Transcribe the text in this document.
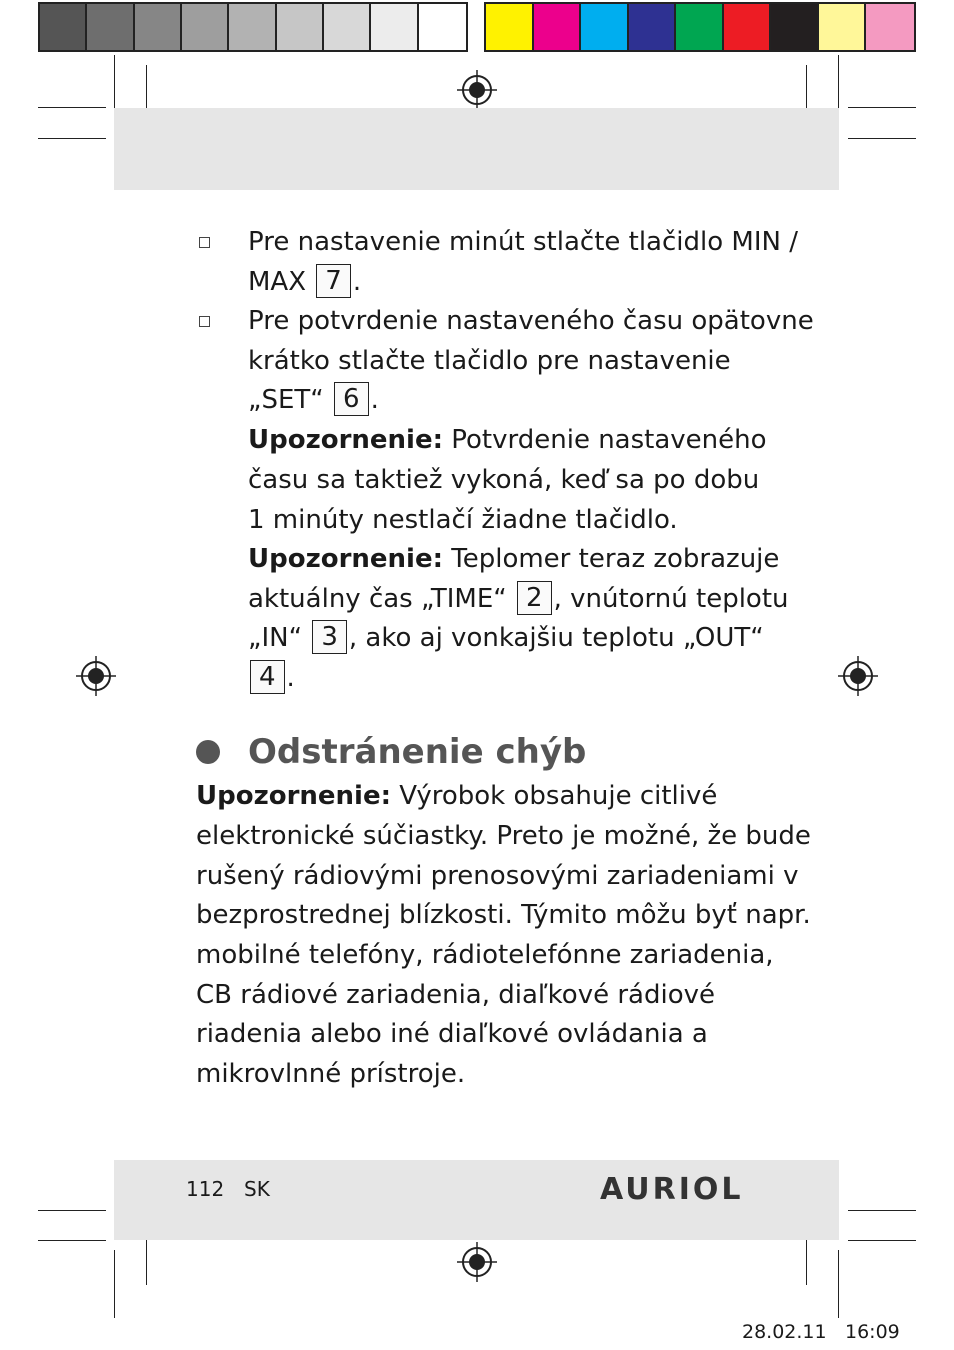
Pre nastavenie minút stlačte tlačidlo MIN /
MAX 7 .
Pre potvrdenie nastaveného času opätovne
krátko stlačte tlačidlo pre nastavenie
„SET“ 6 .
Upozornenie: Potvrdenie nastaveného
času sa taktiež vykoná, keď sa po dobu
1 minúty nestlačí žiadne tlačidlo.
Upozornenie: Teplomer teraz zobrazuje
aktuálny čas „TIME“ 2 , vnútornú teplotu
„IN“ 3 , ako aj vonkajšiu teplotu „OUT“
4 .
Odstránenie chýb
Upozornenie: Výrobok obsahuje citlivé
elektronické súčiastky. Preto je možné, že bude
rušený rádiovými prenosovými zariadeniami v
bezprostrednej blízkosti. Týmito môžu byť napr.
mobilné telefóny, rádiotelefónne zariadenia,
CB rádiové zariadenia, diaľkové rádiové
riadenia alebo iné diaľkové ovládania a
mikrovlnné prístroje.
112 SK	AURIOL
28.02.11 16:09
